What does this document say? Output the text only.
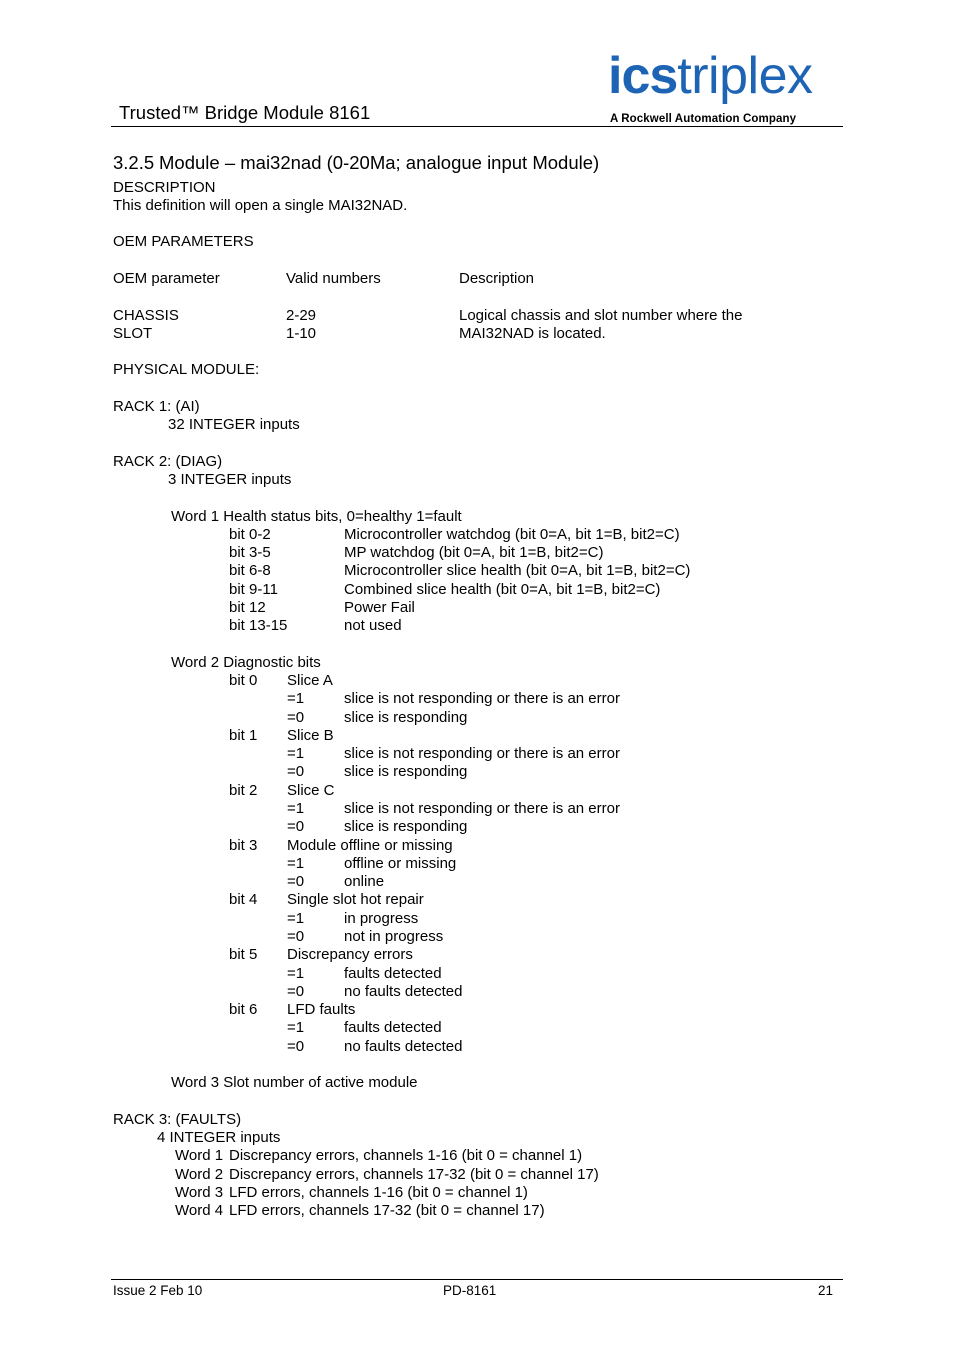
Trusted™ Bridge Module 8161
icstriplex
A Rockwell Automation Company
3.2.5 Module – mai32nad (0-20Ma; analogue input Module)
DESCRIPTION
This definition will open a single MAI32NAD.
OEM PARAMETERS
OEM parameter	Valid numbers	Description
CHASSIS	2-29	Logical chassis and slot number where the
SLOT	1-10	MAI32NAD is located.
PHYSICAL MODULE:
RACK 1: (AI)
32 INTEGER inputs
RACK 2: (DIAG)
3 INTEGER inputs
Word 1 Health status bits, 0=healthy 1=fault
bit 0-2	Microcontroller watchdog (bit 0=A, bit 1=B, bit2=C)
bit 3-5	MP watchdog (bit 0=A, bit 1=B, bit2=C)
bit 6-8	Microcontroller slice health (bit 0=A, bit 1=B, bit2=C)
bit 9-11	Combined slice health (bit 0=A, bit 1=B, bit2=C)
bit 12	Power Fail
bit 13-15	not used
Word 2 Diagnostic bits
bit 0 Slice A
=1	slice is not responding or there is an error
=0	slice is responding
bit 1 Slice B
=1	slice is not responding or there is an error
=0	slice is responding
bit 2 Slice C
=1	slice is not responding or there is an error
=0	slice is responding
bit 3 Module offline or missing
=1	offline or missing
=0	online
bit 4 Single slot hot repair
=1	in progress
=0	not in progress
bit 5 Discrepancy errors
=1	faults detected
=0	no faults detected
bit 6 LFD faults
=1	faults detected
=0	no faults detected
Word 3 Slot number of active module
RACK 3: (FAULTS)
4 INTEGER inputs
Word 1 Discrepancy errors, channels 1-16 (bit 0 = channel 1)
Word 2 Discrepancy errors, channels 17-32 (bit 0 = channel 17)
Word 3 LFD errors, channels 1-16 (bit 0 = channel 1)
Word 4 LFD errors, channels 17-32 (bit 0 = channel 17)
Issue 2 Feb 10	PD-8161	21
